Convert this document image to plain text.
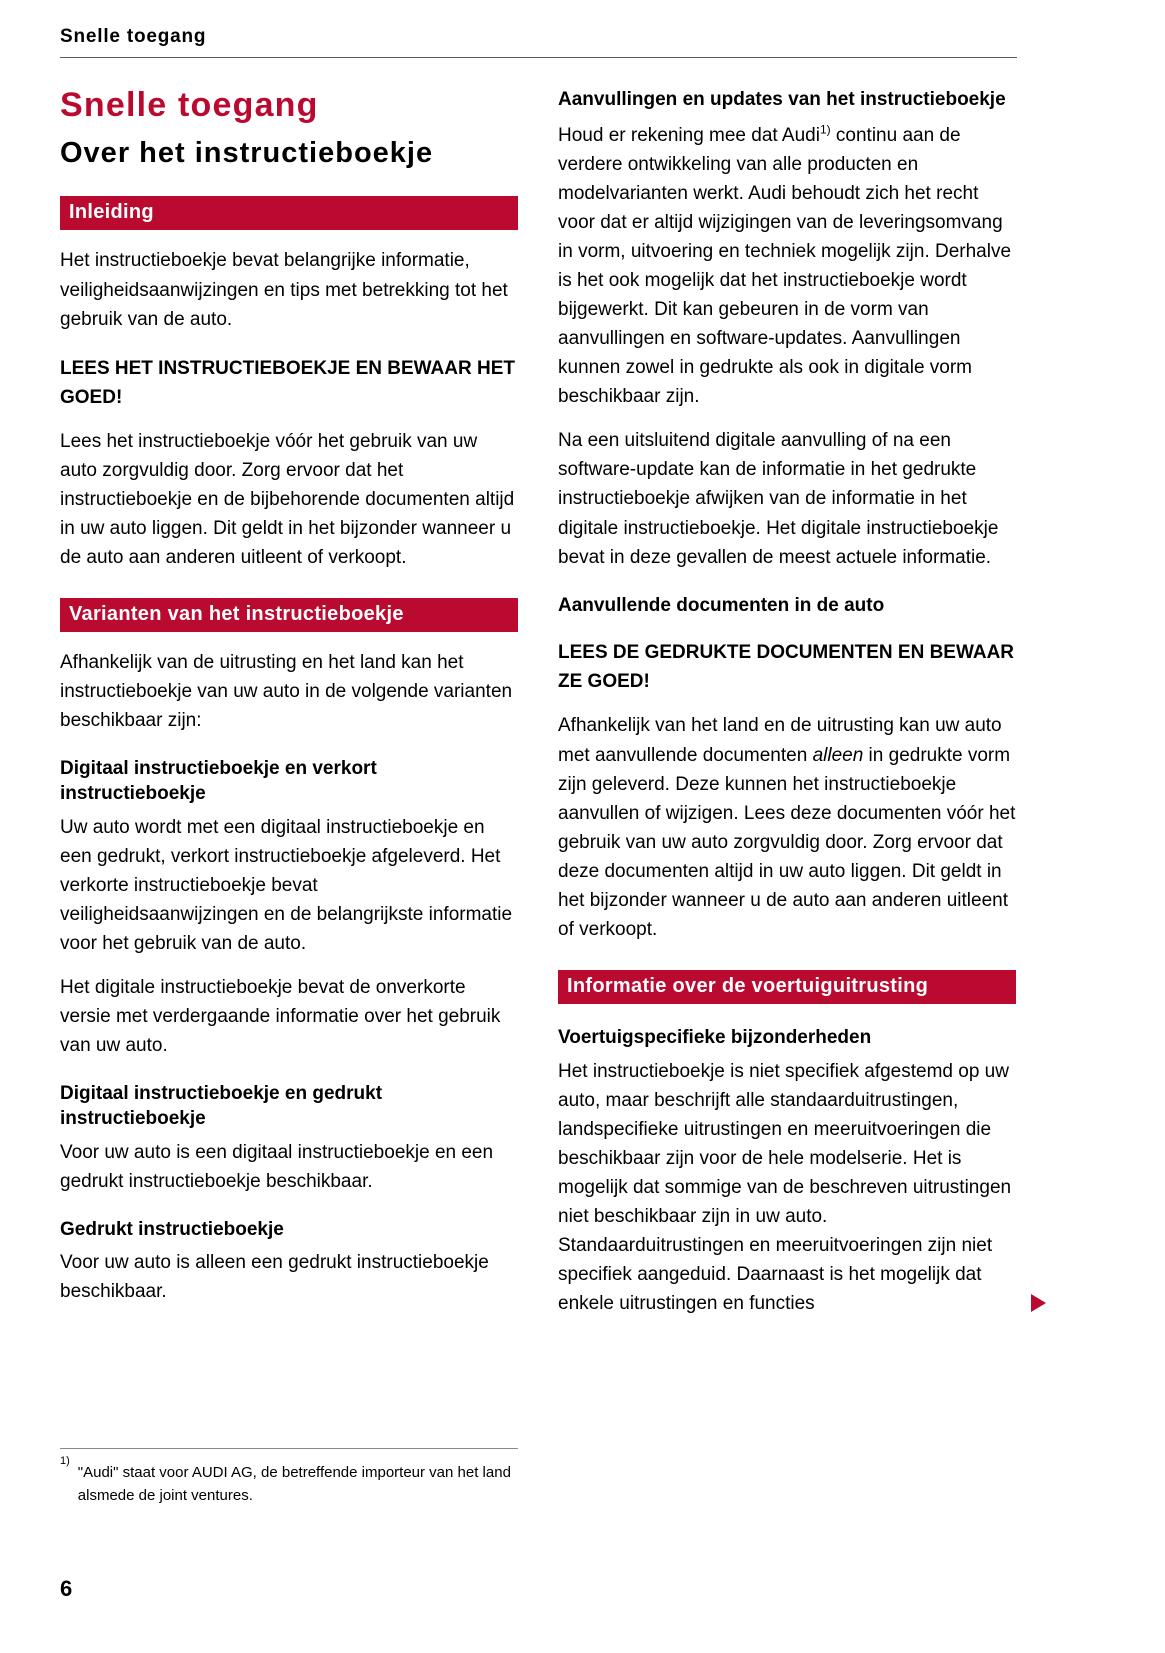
Snelle toegang
Snelle toegang
Over het instructieboekje
Inleiding

Het instructieboekje bevat belangrijke informatie, veiligheidsaanwijzingen en tips met betrekking tot het gebruik van de auto.

LEES HET INSTRUCTIEBOEKJE EN BEWAAR HET GOED!

Lees het instructieboekje vóór het gebruik van uw auto zorgvuldig door. Zorg ervoor dat het instructieboekje en de bijbehorende documenten altijd in uw auto liggen. Dit geldt in het bijzonder wanneer u de auto aan anderen uitleent of verkoopt.

Varianten van het instructieboekje

Afhankelijk van de uitrusting en het land kan het instructieboekje van uw auto in de volgende varianten beschikbaar zijn:

Digitaal instructieboekje en verkort instructieboekje

Uw auto wordt met een digitaal instructieboekje en een gedrukt, verkort instructieboekje afgeleverd. Het verkorte instructieboekje bevat veiligheidsaanwijzingen en de belangrijkste informatie voor het gebruik van de auto.

Het digitale instructieboekje bevat de onverkorte versie met verdergaande informatie over het gebruik van uw auto.

Digitaal instructieboekje en gedrukt instructieboekje

Voor uw auto is een digitaal instructieboekje en een gedrukt instructieboekje beschikbaar.

Gedrukt instructieboekje

Voor uw auto is alleen een gedrukt instructieboekje beschikbaar.

Aanvullingen en updates van het instructieboekje

Houd er rekening mee dat Audi$^{1)}$ continu aan de verdere ontwikkeling van alle producten en modelvarianten werkt. Audi behoudt zich het recht voor dat er altijd wijzigingen van de leveringsomvang in vorm, uitvoering en techniek mogelijk zijn. Derhalve is het ook mogelijk dat het instructieboekje wordt bijgewerkt. Dit kan gebeuren in de vorm van aanvullingen en software-updates. Aanvullingen kunnen zowel in gedrukte als ook in digitale vorm beschikbaar zijn.

Na een uitsluitend digitale aanvulling of na een software-update kan de informatie in het gedrukte instructieboekje afwijken van de informatie in het digitale instructieboekje. Het digitale instructieboekje bevat in deze gevallen de meest actuele informatie.

Aanvullende documenten in de auto

LEES DE GEDRUKTE DOCUMENTEN EN BEWAAR ZE GOED!

Afhankelijk van het land en de uitrusting kan uw auto met aanvullende documenten alleen in gedrukte vorm zijn geleverd. Deze kunnen het instructieboekje aanvullen of wijzigen. Lees deze documenten vóór het gebruik van uw auto zorgvuldig door. Zorg ervoor dat deze documenten altijd in uw auto liggen. Dit geldt in het bijzonder wanneer u de auto aan anderen uitleent of verkoopt.

Informatie over de voertuiguitrusting
Voertuigspecifieke bijzonderheden

Het instructieboekje is niet specifiek afgestemd op uw auto, maar beschrijft alle standaarduitrustingen, landspecifieke uitrustingen en meeruitvoeringen die beschikbaar zijn voor de hele modelserie. Het is mogelijk dat sommige van de beschreven uitrustingen niet beschikbaar zijn in uw auto. Standaarduitrustingen en meeruitvoeringen zijn niet specifiek aangeduid. Daarnaast is het mogelijk dat enkele uitrustingen en functies

1)
"Audi" staat voor AUDI AG, de betreffende importeur van het land alsmede de joint ventures.
6
